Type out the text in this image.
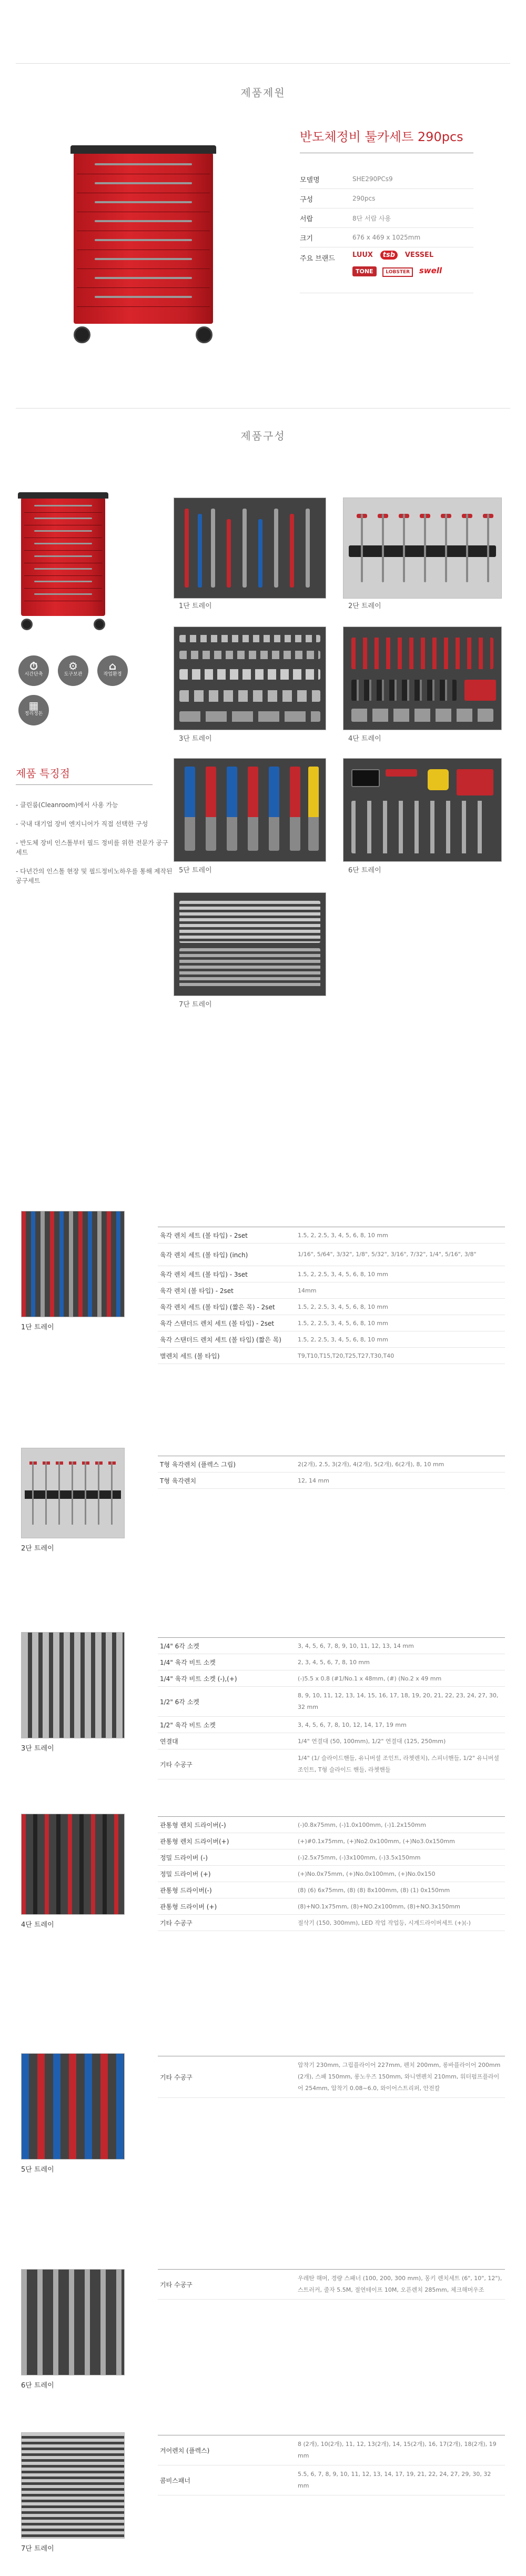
제품제원
반도체정비 툴카세트 290pcs
모델명	SHE290PCs9
구성	290pcs
서랍	8단 서랍 사용
크기	676 x 469 x 1025mm
주요 브랜드	LUUX tsb VESSEL
TONE LOBSTER swell
제품구성
1단 트레이	2단 트레이
3단 트레이	4단 트레이
5단 트레이	6단 트레이
7단 트레이
⏱
시간단축
⚙
도구보관
⌂
작업환경
▦
정리정돈
제품 특징점
- 클린룸(Cleanroom)에서 사용 가능
- 국내 대기업 장비 엔지니어가 직접 선택한 구성
- 반도체 장비 인스톨부터 필드 정비를 위한 전문가 공구세트
- 다년간의 인스톨 현장 및 필드정비노하우를 통해 제작된 공구세트
1단 트레이
육각 렌치 세트 (볼 타입) - 2set	1.5, 2, 2.5, 3, 4, 5, 6, 8, 10 mm
육각 렌치 세트 (볼 타입) (inch)	1/16", 5/64", 3/32", 1/8", 5/32", 3/16", 7/32", 1/4", 5/16", 3/8"
육각 렌치 세트 (볼 타입) - 3set	1.5, 2, 2.5, 3, 4, 5, 6, 8, 10 mm
육각 렌치 (볼 타입) - 2set	14mm
육각 렌치 세트 (볼 타입) (짧은 목) - 2set	1.5, 2, 2.5, 3, 4, 5, 6, 8, 10 mm
육각 스탠더드 렌치 세트 (볼 타입) - 2set	1.5, 2, 2.5, 3, 4, 5, 6, 8, 10 mm
육각 스탠더드 렌치 세트 (볼 타입) (짧은 목)	1.5, 2, 2.5, 3, 4, 5, 6, 8, 10 mm
별렌치 세트 (볼 타입)	T9,T10,T15,T20,T25,T27,T30,T40
2단 트레이
T형 육각렌치 (플렉스 그립)	2(2개), 2.5, 3(2개), 4(2개), 5(2개), 6(2개), 8, 10 mm
T형 육각렌치	12, 14 mm
3단 트레이
1/4" 6각 소켓	3, 4, 5, 6, 7, 8, 9, 10, 11, 12, 13, 14 mm
1/4" 육각 비트 소켓	2, 3, 4, 5, 6, 7, 8, 10 mm
1/4" 육각 비트 소켓 (-),(+)	(-)5.5 x 0.8 (#1/No.1 x 48mm, (#) (No.2 x 49 mm
1/2" 6각 소켓	8, 9, 10, 11, 12, 13, 14, 15, 16, 17, 18, 19, 20, 21, 22, 23, 24, 27, 30, 32 mm
1/2" 육각 비트 소켓	3, 4, 5, 6, 7, 8, 10, 12, 14, 17, 19 mm
연결대	1/4" 연결대 (50, 100mm), 1/2" 연결대 (125, 250mm)
기타 수공구	1/4" (1/ 슬라이드핸들, 유니버셜 조인트, 라쳇렌치), 스피너핸들, 1/2" 유니버셜조인트, T형 슬라이드 핸들, 라쳇핸들
4단 트레이
관통형 렌치 드라이버(-)	(-)0.8x75mm, (-)1.0x100mm, (-)1.2x150mm
관통형 렌치 드라이버(+)	(+)#0.1x75mm, (+)No2.0x100mm, (+)No3.0x150mm
정밀 드라이버 (-)	(-)2.5x75mm, (-)3x100mm, (-)3.5x150mm
정밀 드라이버 (+)	(+)No.0x75mm, (+)No.0x100mm, (+)No.0x150
관통형 드라이버(-)	(8) (6) 6x75mm, (8) (8) 8x100mm, (8) (1) 0x150mm
관통형 드라이버 (+)	(8)+NO.1x75mm, (8)+NO.2x100mm, (8)+NO.3x150mm
기타 수공구	절삭기 (150, 300mm), LED 작업 작업등, 시계드라이버세트 (+)(-)
5단 트레이
기타 수공구	압착기 230mm, 그립플라이어 227mm, 펜치 200mm, 롱바플라이어 200mm (2개), 스패 150mm, 롱노우즈 150mm, 와니엔펜치 210mm, 워터펌프플라이어 254mm, 압착기 0.08~6.0, 와이어스트리퍼, 안전칼
6단 트레이
기타 수공구	우레탄 해머, 경량 스패너 (100, 200, 300 mm), 몽키 렌치세트 (6", 10", 12"), 스트러커, 줄자 5.5M, 절연테이프 10M, 오픈렌치 285mm, 체크해머우조
7단 트레이
겨어렌치 (플렉스)	8 (2개), 10(2개), 11, 12, 13(2개), 14, 15(2개), 16, 17(2개), 18(2개), 19 mm
콤비스패너	5.5, 6, 7, 8, 9, 10, 11, 12, 13, 14, 17, 19, 21, 22, 24, 27, 29, 30, 32 mm
